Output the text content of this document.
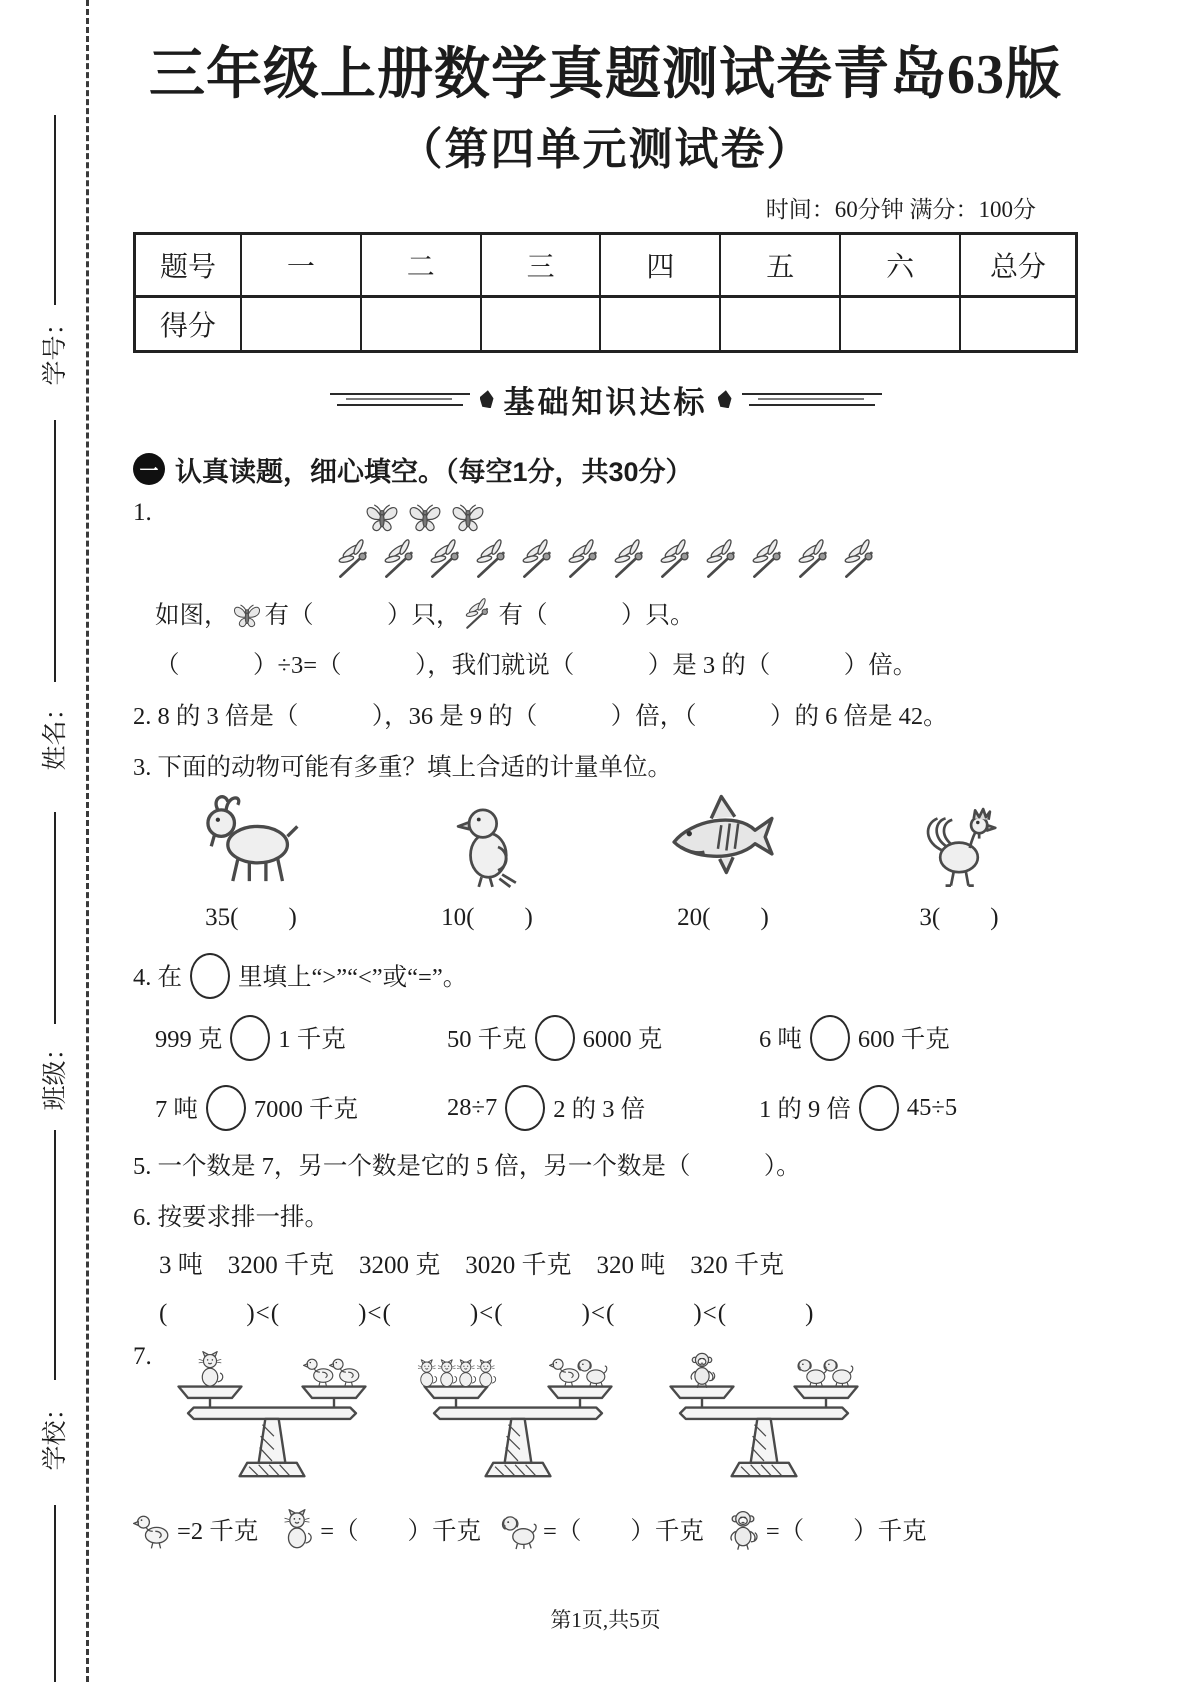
学号：
姓名：
班级：
学校：
三年级上册数学真题测试卷青岛63版
（第四单元测试卷）
时间：60分钟 满分：100分
题号	一	二	三	四	五	六	总分
得分							
基础知识达标
一 认真读题，细心填空。（每空1分，共30分）
1.
如图， 有（　　　）只， 有（　　　）只。
（　　　）÷3=（　　　），我们就说（　　　）是 3 的（　　　）倍。
2. 8 的 3 倍是（　　　），36 是 9 的（　　　）倍，（　　　）的 6 倍是 42。
3. 下面的动物可能有多重？填上合适的计量单位。
35(　　)	10(　　)	20(　　)	3(　　)
4. 在 里填上“>”“<”或“=”。
999 克 1 千克	50 千克 6000 克	6 吨 600 千克
7 吨 7000 千克	28÷7 2 的 3 倍	1 的 9 倍 45÷5
5. 一个数是 7，另一个数是它的 5 倍，另一个数是（　　　）。
6. 按要求排一排。
3 吨　3200 千克　3200 克　3020 千克　320 吨　320 千克
(　　　)<(　　　)<(　　　)<(　　　)<(　　　)<(　　　)
7.
=2 千克	=（　　）千克	=（　　）千克	=（　　）千克
第1页,共5页
